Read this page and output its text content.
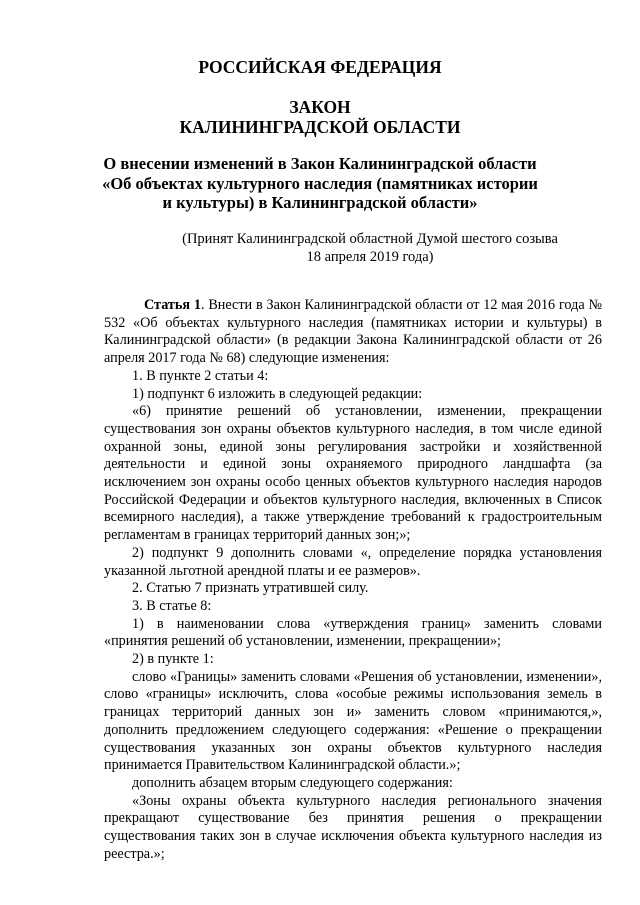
РОССИЙСКАЯ ФЕДЕРАЦИЯ
ЗАКОН
КАЛИНИНГРАДСКОЙ ОБЛАСТИ
О внесении изменений в Закон Калининградской области
«Об объектах культурного наследия (памятниках истории
и культуры) в Калининградской области»
(Принят Калининградской областной Думой шестого созыва
18 апреля 2019 года)

Статья 1. Внести в Закон Калининградской области от 12 мая 2016 года № 532 «Об объектах культурного наследия (памятниках истории и культуры) в Калининградской области» (в редакции Закона Калининградской области от 26 апреля 2017 года № 68) следующие изменения:

1. В пункте 2 статьи 4:

1) подпункт 6 изложить в следующей редакции:

«6) принятие решений об установлении, изменении, прекращении существования зон охраны объектов культурного наследия, в том числе единой охранной зоны, единой зоны регулирования застройки и хозяйственной деятельности и единой зоны охраняемого природного ландшафта (за исключением зон охраны особо ценных объектов культурного наследия народов Российской Федерации и объектов культурного наследия, включенных в Список всемирного наследия), а также утверждение требований к градостроительным регламентам в границах территорий данных зон;»;

2) подпункт 9 дополнить словами «, определение порядка установления указанной льготной арендной платы и ее размеров».

2. Статью 7 признать утратившей силу.

3. В статье 8:

1) в наименовании слова «утверждения границ» заменить словами «принятия решений об установлении, изменении, прекращении»;

2) в пункте 1:

слово «Границы» заменить словами «Решения об установлении, изменении», слово «границы» исключить, слова «особые режимы использования земель в границах территорий данных зон и» заменить словом «принимаются,», дополнить предложением следующего содержания: «Решение о прекращении существования указанных зон охраны объектов культурного наследия принимается Правительством Калининградской области.»;

дополнить абзацем вторым следующего содержания:

«Зоны охраны объекта культурного наследия регионального значения прекращают существование без принятия решения о прекращении существования таких зон в случае исключения объекта культурного наследия из реестра.»;
